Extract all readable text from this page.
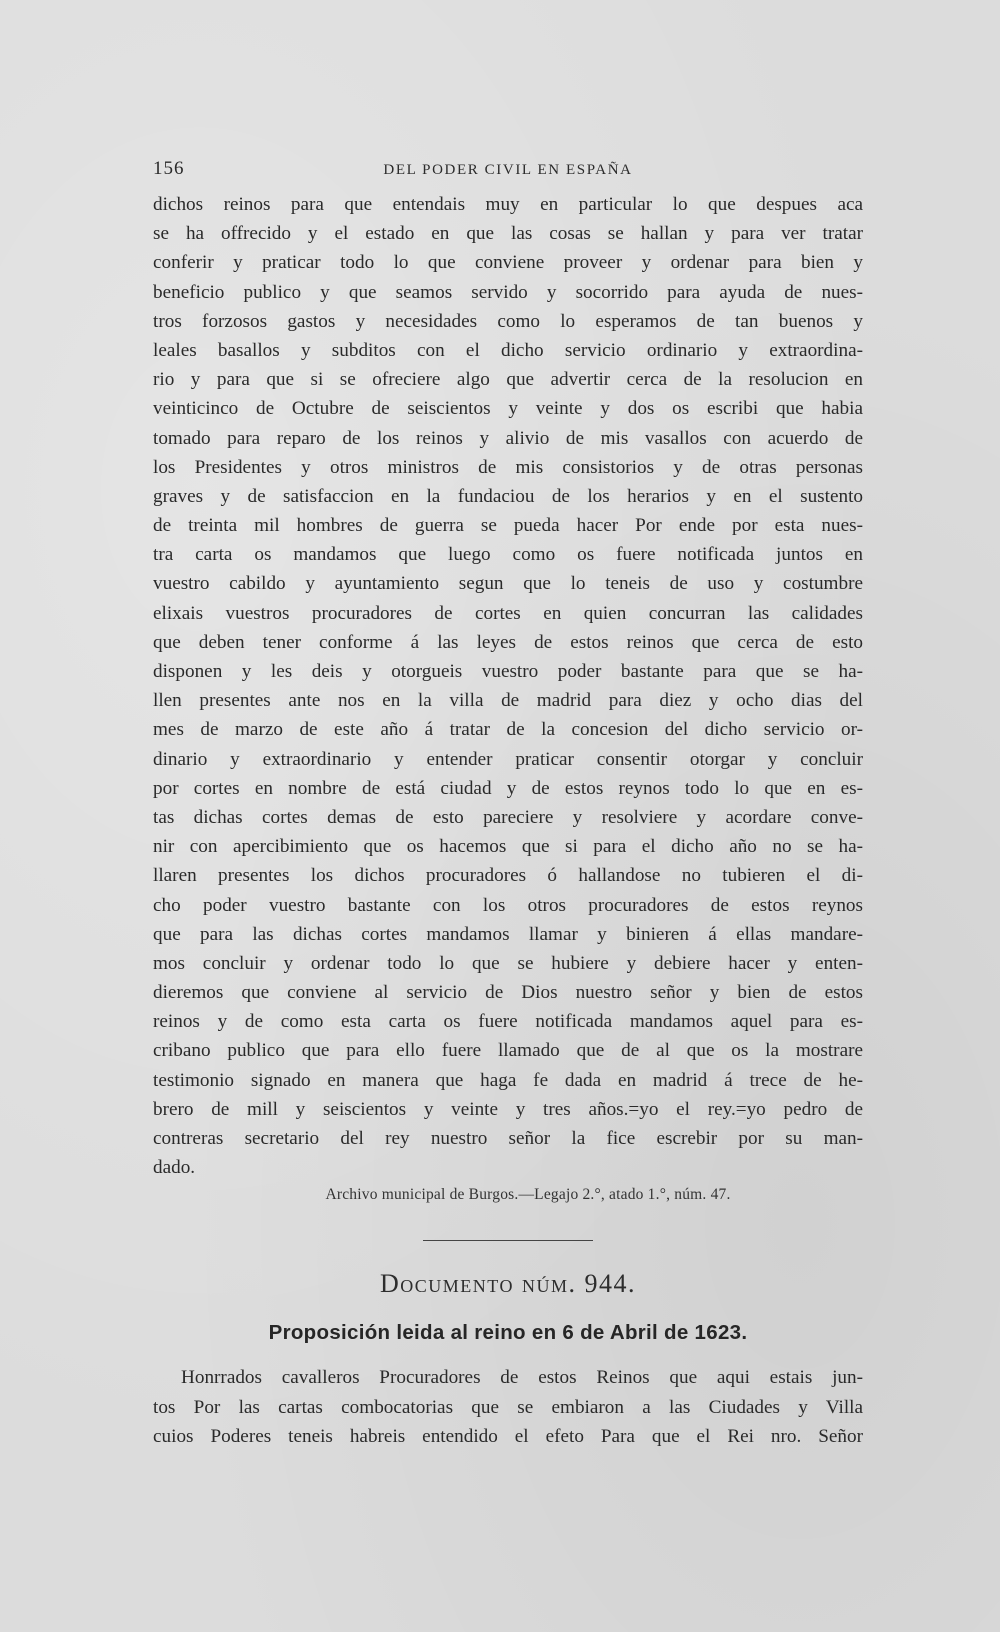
156	DEL PODER CIVIL EN ESPAÑA
dichos reinos para que entendais muy en particular lo que despues aca
se ha offrecido y el estado en que las cosas se hallan y para ver tratar
conferir y praticar todo lo que conviene proveer y ordenar para bien y
beneficio publico y que seamos servido y socorrido para ayuda de nues-
tros forzosos gastos y necesidades como lo esperamos de tan buenos y
leales basallos y subditos con el dicho servicio ordinario y extraordina-
rio y para que si se ofreciere algo que advertir cerca de la resolucion en
veinticinco de Octubre de seiscientos y veinte y dos os escribi que habia
tomado para reparo de los reinos y alivio de mis vasallos con acuerdo de
los Presidentes y otros ministros de mis consistorios y de otras personas
graves y de satisfaccion en la fundaciou de los herarios y en el sustento
de treinta mil hombres de guerra se pueda hacer Por ende por esta nues-
tra carta os mandamos que luego como os fuere notificada juntos en
vuestro cabildo y ayuntamiento segun que lo teneis de uso y costumbre
elixais vuestros procuradores de cortes en quien concurran las calidades
que deben tener conforme á las leyes de estos reinos que cerca de esto
disponen y les deis y otorgueis vuestro poder bastante para que se ha-
llen presentes ante nos en la villa de madrid para diez y ocho dias del
mes de marzo de este año á tratar de la concesion del dicho servicio or-
dinario y extraordinario y entender praticar consentir otorgar y concluir
por cortes en nombre de está ciudad y de estos reynos todo lo que en es-
tas dichas cortes demas de esto pareciere y resolviere y acordare conve-
nir con apercibimiento que os hacemos que si para el dicho año no se ha-
llaren presentes los dichos procuradores ó hallandose no tubieren el di-
cho poder vuestro bastante con los otros procuradores de estos reynos
que para las dichas cortes mandamos llamar y binieren á ellas mandare-
mos concluir y ordenar todo lo que se hubiere y debiere hacer y enten-
dieremos que conviene al servicio de Dios nuestro señor y bien de estos
reinos y de como esta carta os fuere notificada mandamos aquel para es-
cribano publico que para ello fuere llamado que de al que os la mostrare
testimonio signado en manera que haga fe dada en madrid á trece de he-
brero de mill y seiscientos y veinte y tres años.=yo el rey.=yo pedro de
contreras secretario del rey nuestro señor la fice escrebir por su man-
dado.
Archivo municipal de Burgos.—Legajo 2.°, atado 1.°, núm. 47.
Documento núm. 944.
Proposición leida al reino en 6 de Abril de 1623.
Honrrados cavalleros Procuradores de estos Reinos que aqui estais jun-
tos Por las cartas combocatorias que se embiaron a las Ciudades y Villa
cuios Poderes teneis habreis entendido el efeto Para que el Rei nro. Señor
